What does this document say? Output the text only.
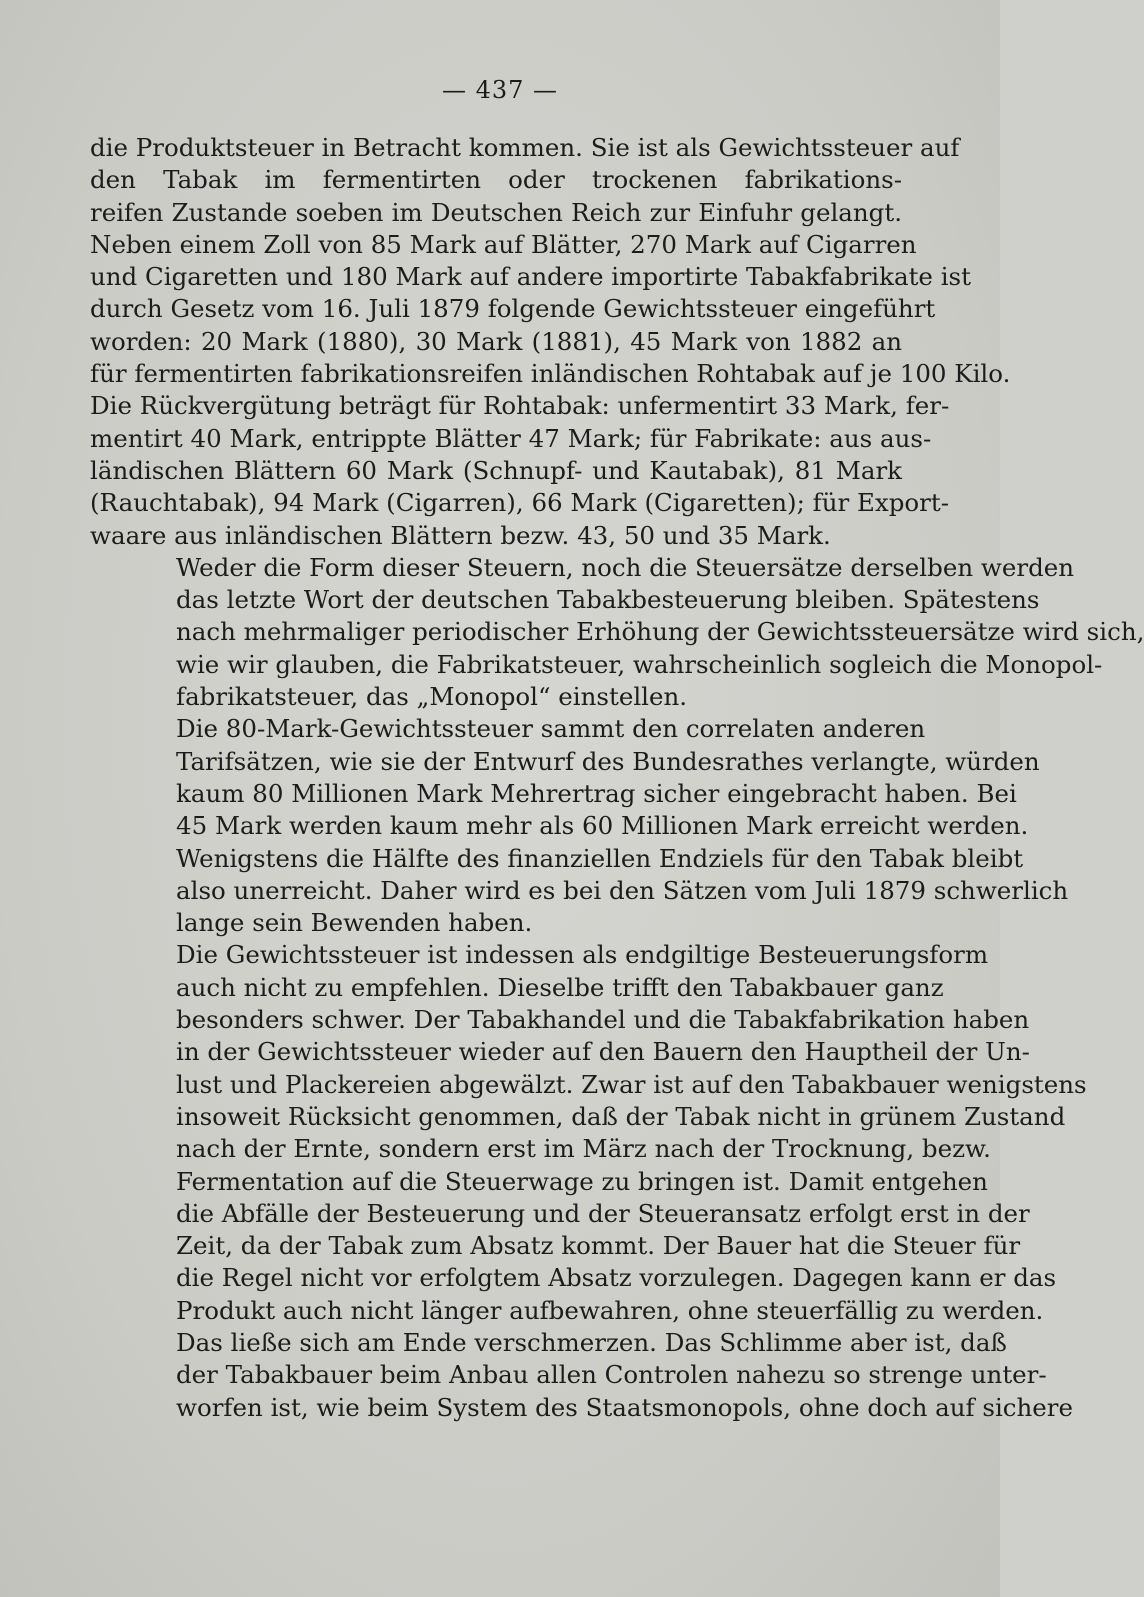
— 437 —

die Produktsteuer in Betracht kommen. Sie ist als Gewichtssteuer auf
den Tabak im fermentirten oder trockenen fabrikations-
reifen Zustande soeben im Deutschen Reich zur Einfuhr gelangt.
Neben einem Zoll von 85 Mark auf Blätter, 270 Mark auf Cigarren
und Cigaretten und 180 Mark auf andere importirte Tabakfabrikate ist
durch Gesetz vom 16. Juli 1879 folgende Gewichtssteuer eingeführt
worden: 20 Mark (1880), 30 Mark (1881), 45 Mark von 1882 an
für fermentirten fabrikationsreifen inländischen Rohtabak auf je 100 Kilo.
Die Rückvergütung beträgt für Rohtabak: unfermentirt 33 Mark, fer-
mentirt 40 Mark, entrippte Blätter 47 Mark; für Fabrikate: aus aus-
ländischen Blättern 60 Mark (Schnupf- und Kautabak), 81 Mark
(Rauchtabak), 94 Mark (Cigarren), 66 Mark (Cigaretten); für Export-
waare aus inländischen Blättern bezw. 43, 50 und 35 Mark.

Weder die Form dieser Steuern, noch die Steuersätze derselben werden
das letzte Wort der deutschen Tabakbesteuerung bleiben. Spätestens
nach mehrmaliger periodischer Erhöhung der Gewichtssteuersätze wird sich,
wie wir glauben, die Fabrikatsteuer, wahrscheinlich sogleich die Monopol-
fabrikatsteuer, das „Monopol“ einstellen.

Die 80-Mark-Gewichtssteuer sammt den correlaten anderen
Tarifsätzen, wie sie der Entwurf des Bundesrathes verlangte, würden
kaum 80 Millionen Mark Mehrertrag sicher eingebracht haben. Bei
45 Mark werden kaum mehr als 60 Millionen Mark erreicht werden.
Wenigstens die Hälfte des finanziellen Endziels für den Tabak bleibt
also unerreicht. Daher wird es bei den Sätzen vom Juli 1879 schwerlich
lange sein Bewenden haben.

Die Gewichtssteuer ist indessen als endgiltige Besteuerungsform
auch nicht zu empfehlen. Dieselbe trifft den Tabakbauer ganz
besonders schwer. Der Tabakhandel und die Tabakfabrikation haben
in der Gewichtssteuer wieder auf den Bauern den Hauptheil der Un-
lust und Plackereien abgewälzt. Zwar ist auf den Tabakbauer wenigstens
insoweit Rücksicht genommen, daß der Tabak nicht in grünem Zustand
nach der Ernte, sondern erst im März nach der Trocknung, bezw.
Fermentation auf die Steuerwage zu bringen ist. Damit entgehen
die Abfälle der Besteuerung und der Steueransatz erfolgt erst in der
Zeit, da der Tabak zum Absatz kommt. Der Bauer hat die Steuer für
die Regel nicht vor erfolgtem Absatz vorzulegen. Dagegen kann er das
Produkt auch nicht länger aufbewahren, ohne steuerfällig zu werden.
Das ließe sich am Ende verschmerzen. Das Schlimme aber ist, daß
der Tabakbauer beim Anbau allen Controlen nahezu so strenge unter-
worfen ist, wie beim System des Staatsmonopols, ohne doch auf sichere
